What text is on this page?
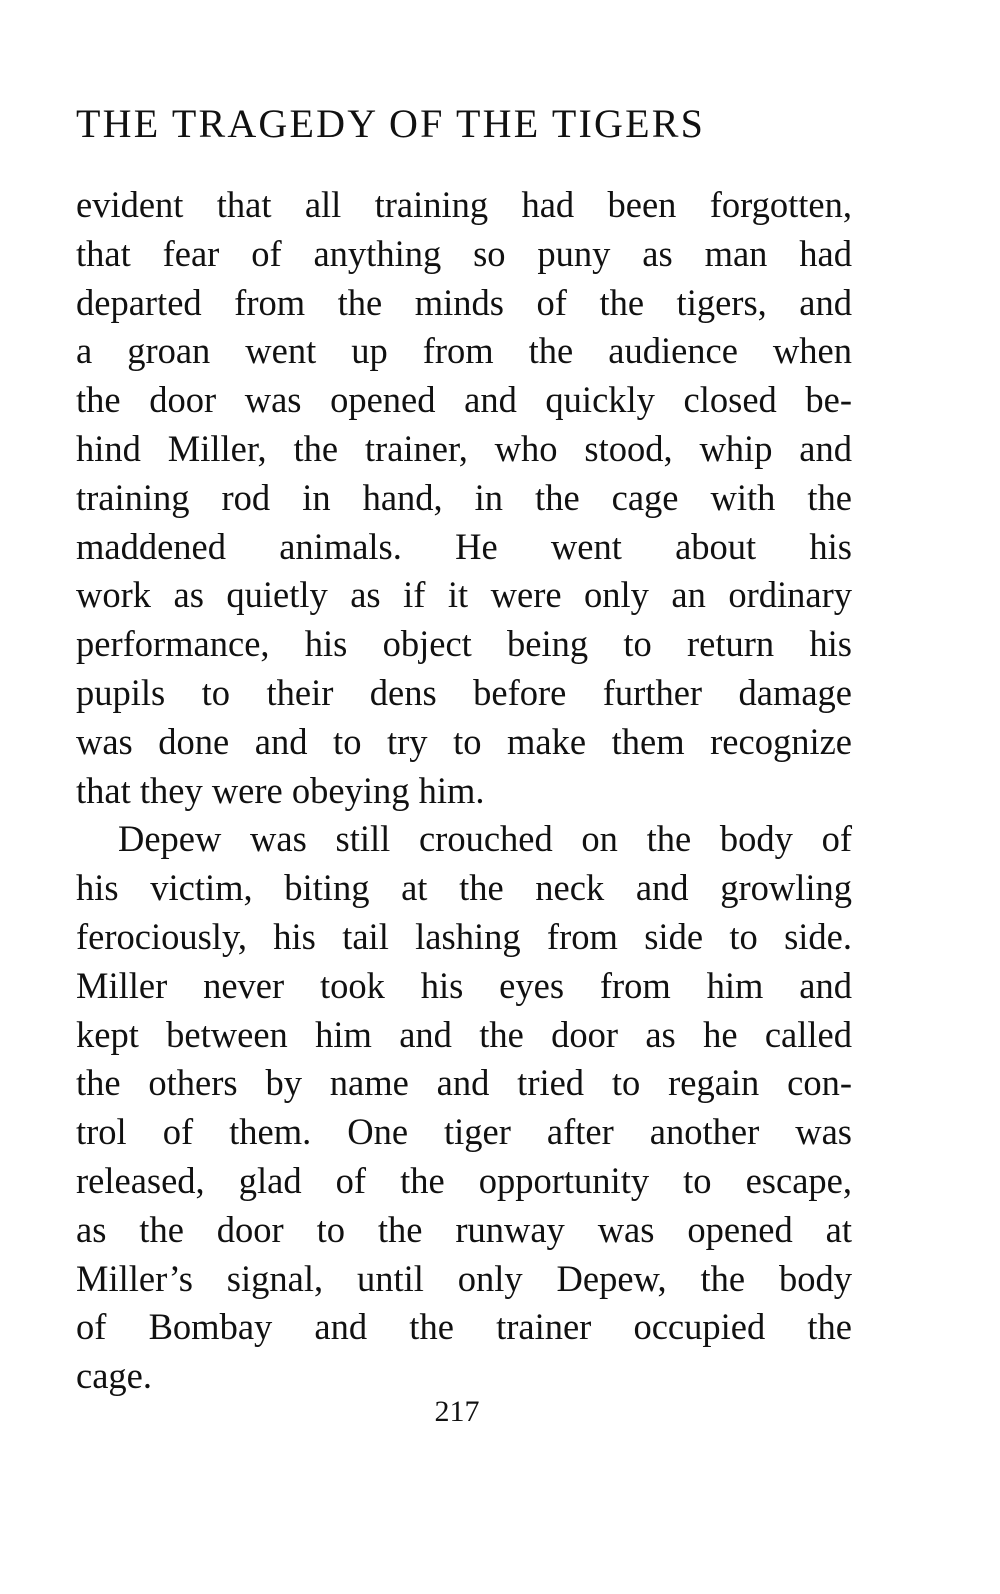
THE TRAGEDY OF THE TIGERS
evident that all training had been forgotten,
that fear of anything so puny as man had
departed from the minds of the tigers, and
a groan went up from the audience when
the door was opened and quickly closed be-
hind Miller, the trainer, who stood, whip and
training rod in hand, in the cage with the
maddened animals. He went about his
work as quietly as if it were only an ordinary
performance, his object being to return his
pupils to their dens before further damage
was done and to try to make them recognize
that they were obeying him.
Depew was still crouched on the body of
his victim, biting at the neck and growling
ferociously, his tail lashing from side to side.
Miller never took his eyes from him and
kept between him and the door as he called
the others by name and tried to regain con-
trol of them. One tiger after another was
released, glad of the opportunity to escape,
as the door to the runway was opened at
Miller’s signal, until only Depew, the body
of Bombay and the trainer occupied the
cage.
217
